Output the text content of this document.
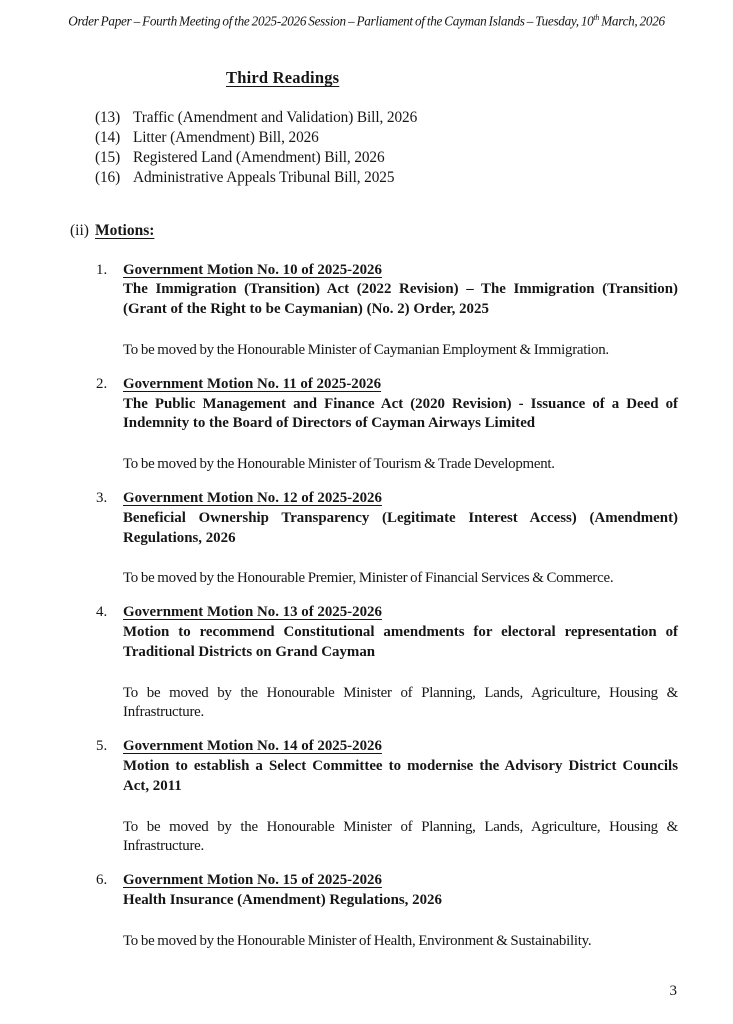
Order Paper – Fourth Meeting of the 2025-2026 Session – Parliament of the Cayman Islands – Tuesday, 10th March, 2026
Third Readings
(13) Traffic (Amendment and Validation) Bill, 2026
(14) Litter (Amendment) Bill, 2026
(15) Registered Land (Amendment) Bill, 2026
(16) Administrative Appeals Tribunal Bill, 2025
(ii) Motions:
1.	Government Motion No. 10 of 2025-2026
The Immigration (Transition) Act (2022 Revision) – The Immigration (Transition) (Grant of the Right to be Caymanian) (No. 2) Order, 2025
To be moved by the Honourable Minister of Caymanian Employment & Immigration.
2.	Government Motion No. 11 of 2025-2026
The Public Management and Finance Act (2020 Revision) - Issuance of a Deed of Indemnity to the Board of Directors of Cayman Airways Limited
To be moved by the Honourable Minister of Tourism & Trade Development.
3.	Government Motion No. 12 of 2025-2026
Beneficial Ownership Transparency (Legitimate Interest Access) (Amendment) Regulations, 2026
To be moved by the Honourable Premier, Minister of Financial Services & Commerce.
4.	Government Motion No. 13 of 2025-2026
Motion to recommend Constitutional amendments for electoral representation of Traditional Districts on Grand Cayman
To be moved by the Honourable Minister of Planning, Lands, Agriculture, Housing & Infrastructure.
5.	Government Motion No. 14 of 2025-2026
Motion to establish a Select Committee to modernise the Advisory District Councils Act, 2011
To be moved by the Honourable Minister of Planning, Lands, Agriculture, Housing & Infrastructure.
6.	Government Motion No. 15 of 2025-2026
Health Insurance (Amendment) Regulations, 2026
To be moved by the Honourable Minister of Health, Environment & Sustainability.
3
